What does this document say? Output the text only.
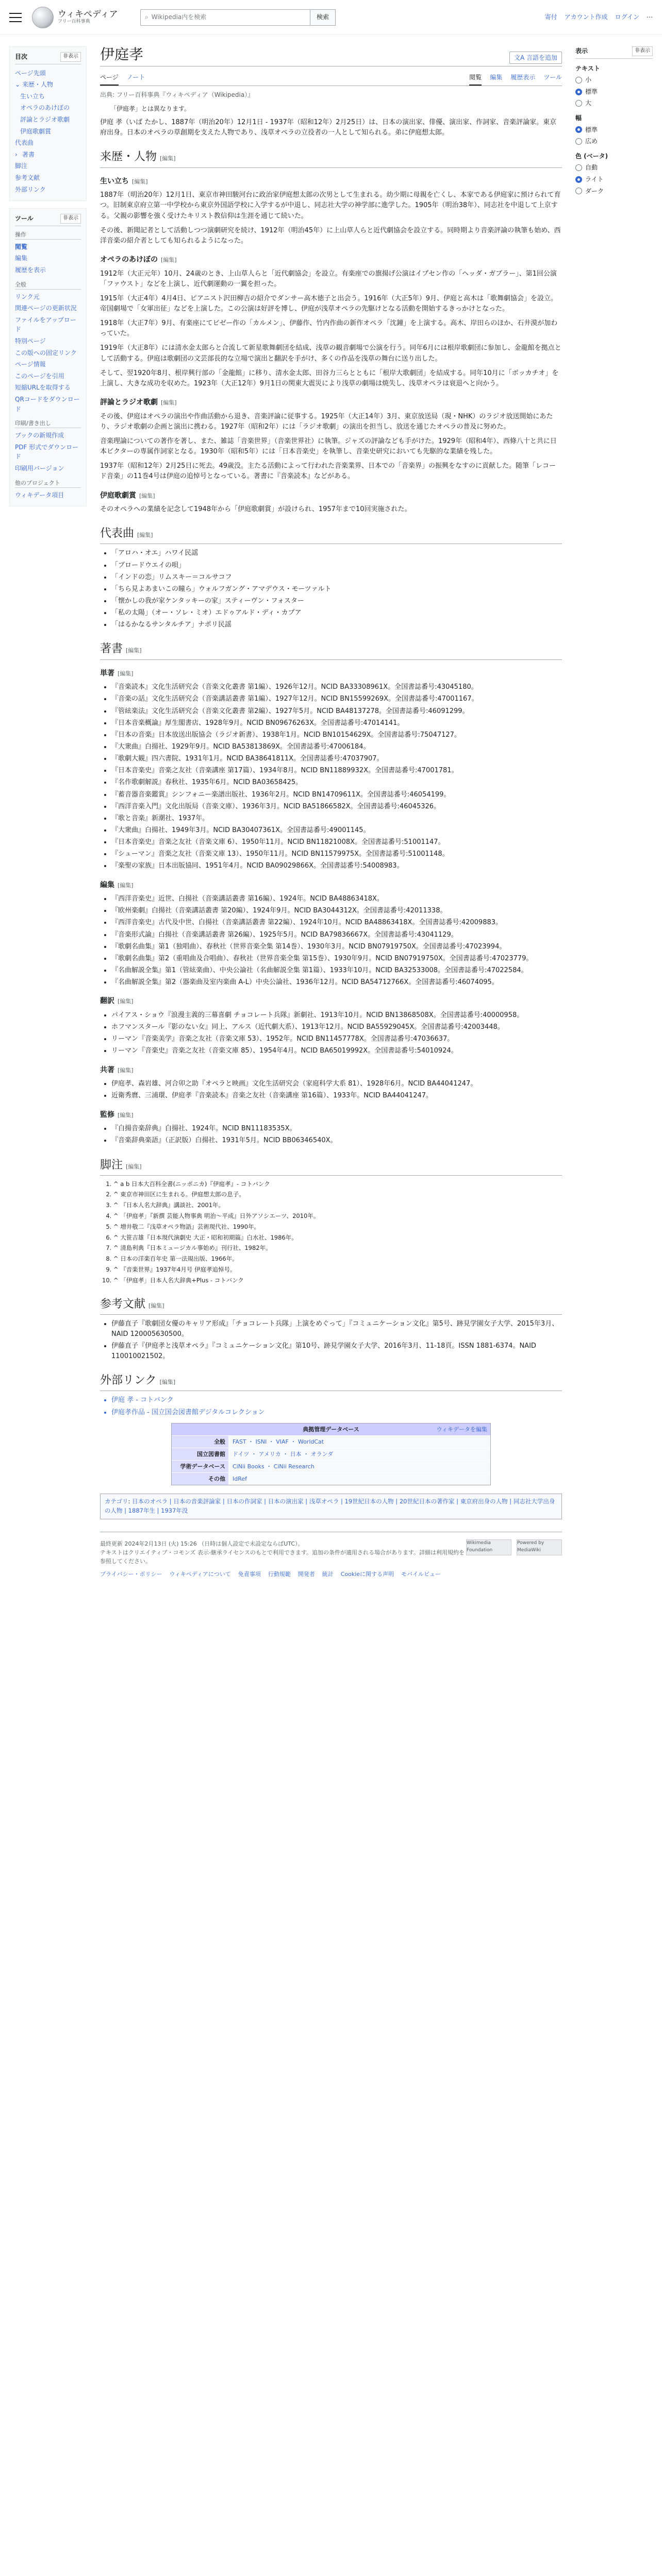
ウィキペディア
フリー百科事典
⌕ Wikipedia内を検索	検索	寄付 アカウント作成 ログイン ⋯
目次	非表示
ページ先頭
⌄ 来歴・人物
生い立ち
オペラのあけぼの
評論とラジオ歌劇
伊庭歌劇賞
代表曲
› 著書
脚注
参考文献
外部リンク
ツール	非表示
操作
閲覧
編集
履歴を表示
全般
リンク元
関連ページの更新状況
ファイルをアップロード
特別ページ
この版への固定リンク
ページ情報
このページを引用
短縮URLを取得する
QRコードをダウンロード
印刷/書き出し
ブックの新規作成
PDF 形式でダウンロード
印刷用バージョン
他のプロジェクト
ウィキデータ項目
伊庭孝	文A 言語を追加
ページ ノート	閲覧 編集 履歴表示 ツール
出典: フリー百科事典『ウィキペディア（Wikipedia）』
「伊庭孝」とは異なります。

伊庭 孝（いば たかし、1887年（明治20年）12月1日 - 1937年（昭和12年）2月25日）は、日本の演出家、俳優、演出家、作詞家、音楽評論家。東京府出身。日本のオペラの草創期を支えた人物であり、浅草オペラの立役者の一人として知られる。弟に伊庭想太郎。

来歴・人物 [編集]
生い立ち [編集]

1887年（明治20年）12月1日、東京市神田駿河台に政治家伊庭想太郎の次男として生まれる。幼少期に母親を亡くし、本家である伊庭家に預けられて育つ。旧制東京府立第一中学校から東京外国語学校に入学するが中退し、同志社大学の神学部に進学した。1905年（明治38年）、同志社を中退して上京する。父親の影響を強く受けたキリスト教信仰は生涯を通じて続いた。

その後、新聞記者として活動しつつ演劇研究を続け、1912年（明治45年）に上山草人らと近代劇協会を設立する。同時期より音楽評論の執筆も始め、西洋音楽の紹介者としても知られるようになった。

オペラのあけぼの [編集]

1912年（大正元年）10月、24歳のとき、上山草人らと「近代劇協会」を設立。有楽座での旗揚げ公演はイプセン作の「ヘッダ・ガブラー」、第1回公演「ファウスト」などを上演し、近代劇運動の一翼を担った。

1915年（大正4年）4月4日、ピアニスト沢田柳吉の紹介でダンサー高木徳子と出会う。1916年（大正5年）9月、伊庭と高木は「歌舞劇協会」を設立。帝国劇場で「女軍出征」などを上演した。この公演は好評を博し、伊庭が浅草オペラの先駆けとなる活動を開始するきっかけとなった。

1918年（大正7年）9月、有楽座にてビゼー作の「カルメン」、伊藤作、竹内作曲の新作オペラ「沈鐘」を上演する。高木、岸田らのほか、石井漠が加わっていた。

1919年（大正8年）には清水金太郎らと合流して新星歌舞劇団を結成、浅草の観音劇場で公演を行う。同年6月には根岸歌劇団に参加し、金龍館を拠点として活動する。伊庭は歌劇団の文芸部長的な立場で演出と翻訳を手がけ、多くの作品を浅草の舞台に送り出した。

そして、翌1920年8月、根岸興行部の「金龍館」に移り、清水金太郎、田谷力三らとともに「根岸大歌劇団」を結成する。同年10月に「ボッカチオ」を上演し、大きな成功を収めた。1923年（大正12年）9月1日の関東大震災により浅草の劇場は焼失し、浅草オペラは衰退へと向かう。

評論とラジオ歌劇 [編集]

その後、伊庭はオペラの演出や作曲活動から退き、音楽評論に従事する。1925年（大正14年）3月、東京放送局（現・NHK）のラジオ放送開始にあたり、ラジオ歌劇の企画と演出に携わる。1927年（昭和2年）には「ラジオ歌劇」の演出を担当し、放送を通じたオペラの普及に努めた。

音楽理論についての著作を著し、また、雑誌「音楽世界」（音楽世界社）に執筆。ジャズの評論なども手がけた。1929年（昭和4年）、西條八十と共に日本ビクターの専属作詞家となる。1930年（昭和5年）には「日本音楽史」を執筆し、音楽史研究においても先駆的な業績を残した。

1937年（昭和12年）2月25日に死去。49歳没。主たる活動によって行われた音楽業界、日本での「音楽界」の振興をなすのに貢献した。随筆「レコード音楽」の11巻4号は伊庭の追悼号となっている。著書に『音楽読本』などがある。

伊庭歌劇賞 [編集]

そのオペラへの業績を記念して1948年から「伊庭歌劇賞」が設けられ、1957年まで10回実施された。

代表曲 [編集]
• 「アロハ・オエ」ハワイ民謡
• 「ブロードウエイの唄」
• 「インドの恋」リムスキー＝コルサコフ
• 「ちら見よあまいこの瞳ら」ウォルフガング・アマデウス・モーツァルト
• 「懐かしの我が家ケンタッキーの家」スティーヴン・フォスター
• 「私の太陽」（オー・ソレ・ミオ）エドゥアルド・ディ・カプア
• 「はるかなるサンタルチア」ナポリ民謡
著書 [編集]
単著 [編集]
• 『音楽読本』文化生活研究会（音楽文化叢書 第1編）、1926年12月。NCID BA33308961X。全国書誌番号:43045180。
• 『音楽の話』文化生活研究会（音楽講話叢書 第1編）、1927年12月。NCID BN15599269X。全国書誌番号:47001167。
• 『管絃楽法』文化生活研究会（音楽文化叢書 第2編）、1927年5月。NCID BA48137278。全国書誌番号:46091299。
• 『日本音楽概論』厚生閣書店、1928年9月。NCID BN09676263X。全国書誌番号:47014141。
• 『日本の音楽』日本放送出版協会（ラジオ新書）、1938年1月。NCID BN10154629X。全国書誌番号:75047127。
• 『大衆曲』白揚社、1929年9月。NCID BA53813869X。全国書誌番号:47006184。
• 『歌劇大観』四六書院、1931年1月。NCID BA38641811X。全国書誌番号:47037907。
• 『日本音楽史』音楽之友社（音楽講座 第17篇）、1934年8月。NCID BN11889932X。全国書誌番号:47001781。
• 『名作歌劇解説』春秋社、1935年6月。NCID BA03658425。
• 『蓄音器音楽鑑賞』シンフォニー楽譜出版社、1936年2月。NCID BN14709611X。全国書誌番号:46054199。
• 『西洋音楽入門』文化出版局（音楽文庫）、1936年3月。NCID BA51866582X。全国書誌番号:46045326。
• 『歌と音楽』新潮社、1937年。
• 『大衆曲』白揚社、1949年3月。NCID BA30407361X。全国書誌番号:49001145。
• 『日本音楽史』音楽之友社（音楽文庫 6）、1950年11月。NCID BN11821008X。全国書誌番号:51001147。
• 『シューマン』音楽之友社（音楽文庫 13）、1950年11月。NCID BN11579975X。全国書誌番号:51001148。
• 『楽聖の家族』日本出版協同、1951年4月。NCID BA09029866X。全国書誌番号:54008983。
編集 [編集]
• 『西洋音楽史』近世、白揚社（音楽講話叢書 第16編）、1924年。NCID BA48863418X。
• 『欧州楽劇』白揚社（音楽講話叢書 第20編）、1924年9月。NCID BA3044312X。全国書誌番号:42011338。
• 『西洋音楽史』古代及中世、白揚社（音楽講話叢書 第22編）、1924年10月。NCID BA48863418X。全国書誌番号:42009883。
• 『音楽形式論』白揚社（音楽講話叢書 第26編）、1925年5月。NCID BA79836667X。全国書誌番号:43041129。
• 『歌劇名曲集』第1（独唱曲）、春秋社（世界音楽全集 第14巻）、1930年3月。NCID BN07919750X。全国書誌番号:47023994。
• 『歌劇名曲集』第2（重唱曲及合唱曲）、春秋社（世界音楽全集 第15巻）、1930年9月。NCID BN07919750X。全国書誌番号:47023779。
• 『名曲解説全集』第1（管絃楽曲）、中央公論社（名曲解説全集 第1篇）、1933年10月。NCID BA32533008。全国書誌番号:47022584。
• 『名曲解説全集』第2（器楽曲及室内楽曲 A-L）中央公論社、1936年12月。NCID BA54712766X。全国書誌番号:46074095。
翻訳 [編集]
• パイアス・ショウ『浪漫主義的三幕喜劇 チョコレート兵隊』新劇社、1913年10月。NCID BN13868508X。全国書誌番号:40000958。
• ホフマンスタール『影のない女』同上、アルス（近代劇大系）、1913年12月。NCID BA55929045X。全国書誌番号:42003448。
• リーマン『音楽美学』音楽之友社（音楽文庫 53）、1952年。NCID BN11457778X。全国書誌番号:47036637。
• リーマン『音楽史』音楽之友社（音楽文庫 85）、1954年4月。NCID BA65019992X。全国書誌番号:54010924。
共著 [編集]
• 伊庭孝、森岩雄、河合卯之助『オペラと映画』文化生活研究会（家庭科学大系 81）、1928年6月。NCID BA44041247。
• 近衛秀麿、三浦環、伊庭孝『音楽読本』音楽之友社（音楽講座 第16篇）、1933年。NCID BA44041247。
監修 [編集]
• 『白揚音楽辞典』白揚社、1924年。NCID BN11183535X。
• 『音楽辞典楽語』（正訳版）白揚社、1931年5月。NCID BB06346540X。
脚注 [編集]
1. ^ a b 日本大百科全書(ニッポニカ)『伊庭孝』- コトバンク
2. ^ 東京市神田区に生まれる。伊庭想太郎の息子。
3. ^ 『日本人名大辞典』講談社、2001年。
4. ^ 「伊庭孝」『新撰 芸能人物事典 明治〜平成』日外アソシエーツ、2010年。
5. ^ 増井敬二『浅草オペラ物語』芸術現代社、1990年。
6. ^ 大笹吉雄『日本現代演劇史 大正・昭和初期篇』白水社、1986年。
7. ^ 清島利典『日本ミュージカル事始め』刊行社、1982年。
8. ^ 日本の洋楽百年史 第一法規出版、1966年。
9. ^ 『音楽世界』1937年4月号 伊庭孝追悼号。
10. ^ 「伊庭孝」日本人名大辞典+Plus - コトバンク
参考文献 [編集]
• 伊藤直子『歌劇団女優のキャリア形成』「チョコレート兵隊」上演をめぐって」『コミュニケーション文化』第5号、跡見学園女子大学、2015年3月、NAID 120005630500。
• 伊藤直子『伊庭孝と浅草オペラ』『コミュニケーション文化』第10号、跡見学園女子大学、2016年3月、11-18頁。ISSN 1881-6374。NAID 110010021502。
外部リンク [編集]
• 伊庭 孝 - コトバンク
• 伊庭孝作品 - 国立国会図書館デジタルコレクション
典拠管理データベース	ウィキデータを編集
全般	FAST ・ ISNI ・ VIAF ・ WorldCat
国立図書館	ドイツ ・ アメリカ ・ 日本 ・ オランダ
学術データベース	CiNii Books ・ CiNii Research
その他	IdRef
カテゴリ: 日本のオペラ | 日本の音楽評論家 | 日本の作詞家 | 日本の演出家 | 浅草オペラ | 19世紀日本の人物 | 20世紀日本の著作家 | 東京府出身の人物 | 同志社大学出身の人物 | 1887年生 | 1937年没
Wikimedia Foundation
Powered by MediaWiki
最終更新 2024年2月13日 (火) 15:26 （日時は個人設定で未設定ならばUTC）。
テキストはクリエイティブ・コモンズ 表示-継承ライセンスのもとで利用できます。追加の条件が適用される場合があります。詳細は利用規約を参照してください。
プライバシー・ポリシー ウィキペディアについて 免責事項 行動規範 開発者 統計 Cookieに関する声明 モバイルビュー
表示	非表示
テキスト
小
標準
大
幅
標準
広め
色 (ベータ)
自動
ライト
ダーク
